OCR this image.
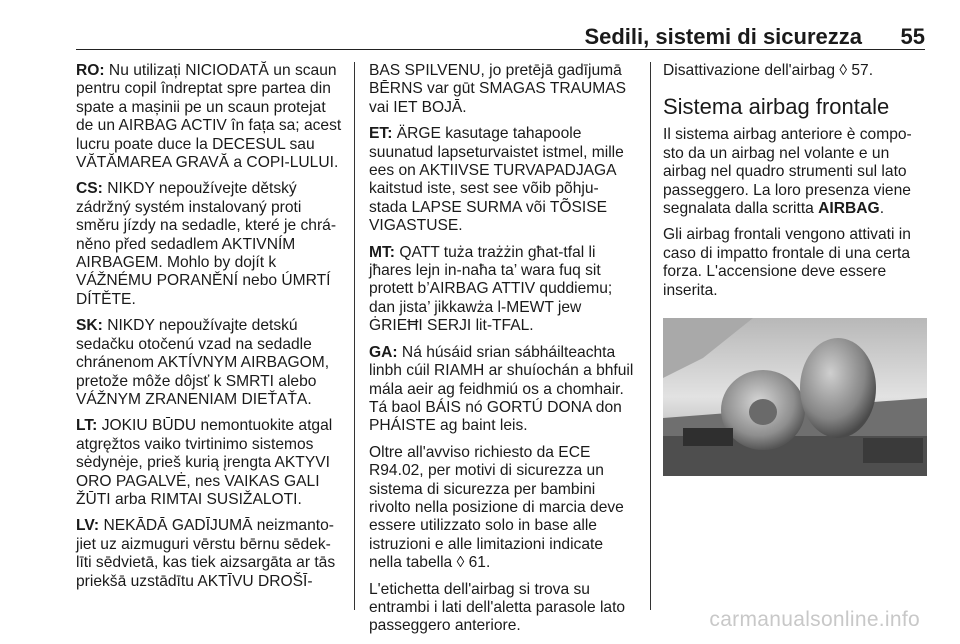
Sedili, sistemi di sicurezza 55

RO: Nu utilizați NICIODATĂ un scaun pentru copil îndreptat spre partea din spate a mașinii pe un scaun protejat de un AIRBAG ACTIV în fața sa; acest lucru poate duce la DECESUL sau VĂTĂMAREA GRAVĂ a COPI-LULUI.

CS: NIKDY nepoužívejte dětský zádržný systém instalovaný proti směru jízdy na sedadle, které je chrá-něno před sedadlem AKTIVNÍM AIRBAGEM. Mohlo by dojít k VÁŽNÉMU PORANĚNÍ nebo ÚMRTÍ DÍTĚTE.

SK: NIKDY nepoužívajte detskú sedačku otočenú vzad na sedadle chránenom AKTÍVNYM AIRBAGOM, pretože môže dôjsť k SMRTI alebo VÁŽNYM ZRANENIAM DIEŤAŤA.

LT: JOKIU BŪDU nemontuokite atgal atgręžtos vaiko tvirtinimo sistemos sėdynėje, prieš kurią įrengta AKTYVI ORO PAGALVĖ, nes VAIKAS GALI ŽŪTI arba RIMTAI SUSIŽALOTI.

LV: NEKĀDĀ GADĪJUMĀ neizmanto-jiet uz aizmuguri vērstu bērnu sēdek-līti sēdvietā, kas tiek aizsargāta ar tās priekšā uzstādītu AKTĪVU DROŠĪ-

BAS SPILVENU, jo pretējā gadījumā BĒRNS var gūt SMAGAS TRAUMAS vai IET BOJĀ.

ET: ÄRGE kasutage tahapoole suunatud lapseturvaistet istmel, mille ees on AKTIIVSE TURVAPADJAGA kaitstud iste, sest see võib põhju-stada LAPSE SURMA või TÕSISE VIGASTUSE.

MT: QATT tuża trażżin għat-tfal li jħares lejn in-naħa ta’ wara fuq sit protett b’AIRBAG ATTIV quddiemu; dan jista’ jikkawża l-MEWT jew ĠRIEĦI SERJI lit-TFAL.

GA: Ná húsáid srian sábháilteachta linbh cúil RIAMH ar shuíochán a bhfuil mála aeir ag feidhmiú os a chomhair. Tá baol BÁIS nó GORTÚ DONA don PHÁISTE ag baint leis.

Oltre all'avviso richiesto da ECE R94.02, per motivi di sicurezza un sistema di sicurezza per bambini rivolto nella posizione di marcia deve essere utilizzato solo in base alle istruzioni e alle limitazioni indicate nella tabella ◊ 61.

L'etichetta dell'airbag si trova su entrambi i lati dell'aletta parasole lato passeggero anteriore.

Disattivazione dell'airbag ◊ 57.

Sistema airbag frontale

Il sistema airbag anteriore è compo-sto da un airbag nel volante e un airbag nel quadro strumenti sul lato passeggero. La loro presenza viene segnalata dalla scritta AIRBAG.

Gli airbag frontali vengono attivati in caso di impatto frontale di una certa forza. L'accensione deve essere inserita.

carmanualsonline.info
